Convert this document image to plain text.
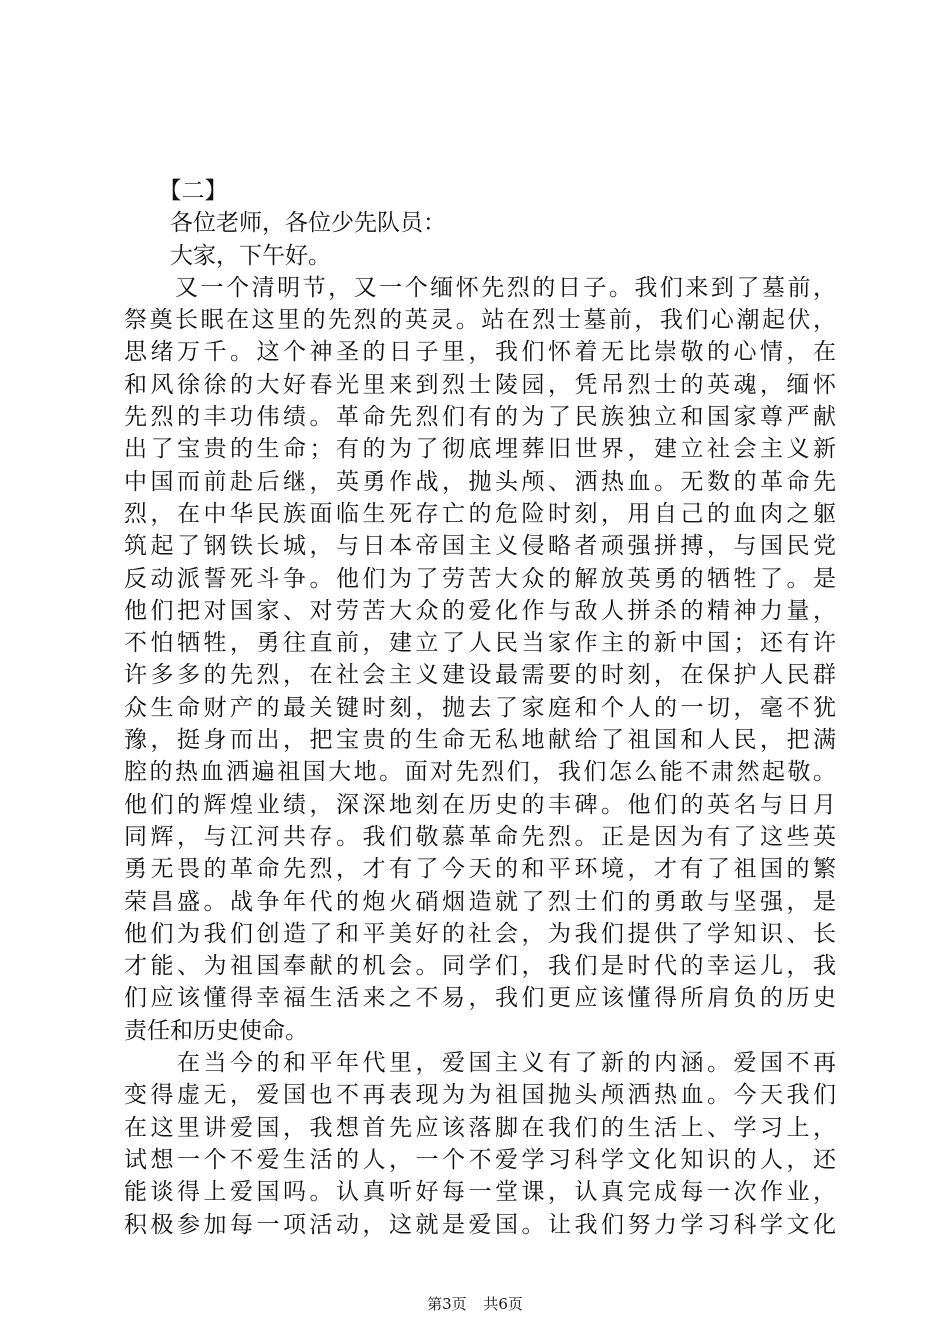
　　【二】

　　各位老师，各位少先队员：

　　大家，下午好。

　　又一个清明节，又一个缅怀先烈的日子。我们来到了墓前，

祭奠长眠在这里的先烈的英灵。站在烈士墓前，我们心潮起伏，

思绪万千。这个神圣的日子里，我们怀着无比崇敬的心情，在

和风徐徐的大好春光里来到烈士陵园，凭吊烈士的英魂，缅怀

先烈的丰功伟绩。革命先烈们有的为了民族独立和国家尊严献

出了宝贵的生命；有的为了彻底埋葬旧世界，建立社会主义新

中国而前赴后继，英勇作战，抛头颅、洒热血。无数的革命先

烈，在中华民族面临生死存亡的危险时刻，用自己的血肉之躯

筑起了钢铁长城，与日本帝国主义侵略者顽强拼搏，与国民党

反动派誓死斗争。他们为了劳苦大众的解放英勇的牺牲了。是

他们把对国家、对劳苦大众的爱化作与敌人拼杀的精神力量，

不怕牺牲，勇往直前，建立了人民当家作主的新中国；还有许

许多多的先烈，在社会主义建设最需要的时刻，在保护人民群

众生命财产的最关键时刻，抛去了家庭和个人的一切，毫不犹

豫，挺身而出，把宝贵的生命无私地献给了祖国和人民，把满

腔的热血洒遍祖国大地。面对先烈们，我们怎么能不肃然起敬。

他们的辉煌业绩，深深地刻在历史的丰碑。他们的英名与日月

同辉，与江河共存。我们敬慕革命先烈。正是因为有了这些英

勇无畏的革命先烈，才有了今天的和平环境，才有了祖国的繁

荣昌盛。战争年代的炮火硝烟造就了烈士们的勇敢与坚强，是

他们为我们创造了和平美好的社会，为我们提供了学知识、长

才能、为祖国奉献的机会。同学们，我们是时代的幸运儿，我

们应该懂得幸福生活来之不易，我们更应该懂得所肩负的历史

责任和历史使命。

　　在当今的和平年代里，爱国主义有了新的内涵。爱国不再

变得虚无，爱国也不再表现为为祖国抛头颅洒热血。今天我们

在这里讲爱国，我想首先应该落脚在我们的生活上、学习上，

试想一个不爱生活的人，一个不爱学习科学文化知识的人，还

能谈得上爱国吗。认真听好每一堂课，认真完成每一次作业，

积极参加每一项活动，这就是爱国。让我们努力学习科学文化

第3页 共6页
